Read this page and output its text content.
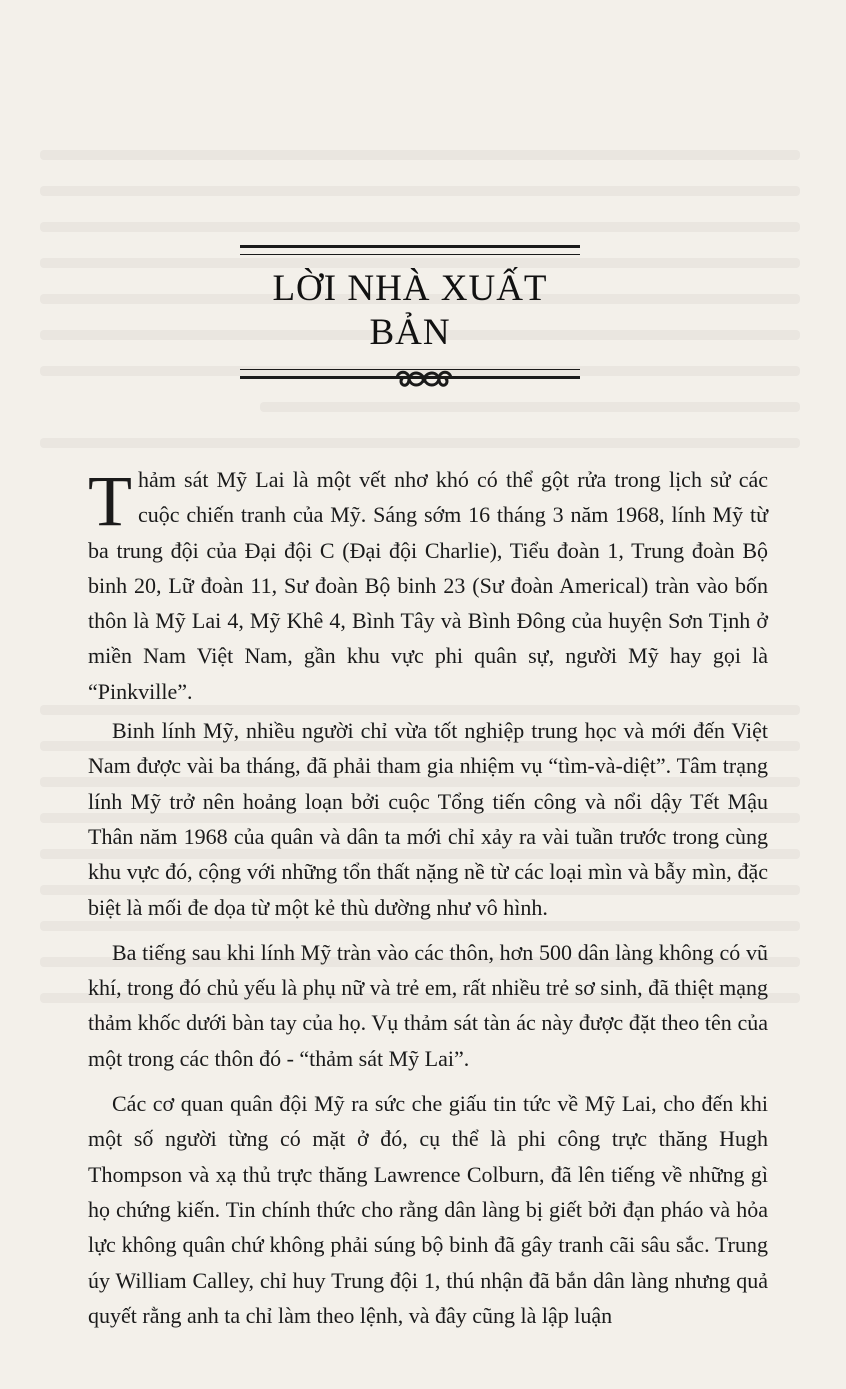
LỜI NHÀ XUẤT BẢN

Thảm sát Mỹ Lai là một vết nhơ khó có thể gột rửa trong lịch sử các cuộc chiến tranh của Mỹ. Sáng sớm 16 tháng 3 năm 1968, lính Mỹ từ ba trung đội của Đại đội C (Đại đội Charlie), Tiểu đoàn 1, Trung đoàn Bộ binh 20, Lữ đoàn 11, Sư đoàn Bộ binh 23 (Sư đoàn Americal) tràn vào bốn thôn là Mỹ Lai 4, Mỹ Khê 4, Bình Tây và Bình Đông của huyện Sơn Tịnh ở miền Nam Việt Nam, gần khu vực phi quân sự, người Mỹ hay gọi là “Pinkville”.

Binh lính Mỹ, nhiều người chỉ vừa tốt nghiệp trung học và mới đến Việt Nam được vài ba tháng, đã phải tham gia nhiệm vụ “tìm-và-diệt”. Tâm trạng lính Mỹ trở nên hoảng loạn bởi cuộc Tổng tiến công và nổi dậy Tết Mậu Thân năm 1968 của quân và dân ta mới chỉ xảy ra vài tuần trước trong cùng khu vực đó, cộng với những tổn thất nặng nề từ các loại mìn và bẫy mìn, đặc biệt là mối đe dọa từ một kẻ thù dường như vô hình.

Ba tiếng sau khi lính Mỹ tràn vào các thôn, hơn 500 dân làng không có vũ khí, trong đó chủ yếu là phụ nữ và trẻ em, rất nhiều trẻ sơ sinh, đã thiệt mạng thảm khốc dưới bàn tay của họ. Vụ thảm sát tàn ác này được đặt theo tên của một trong các thôn đó - “thảm sát Mỹ Lai”.

Các cơ quan quân đội Mỹ ra sức che giấu tin tức về Mỹ Lai, cho đến khi một số người từng có mặt ở đó, cụ thể là phi công trực thăng Hugh Thompson và xạ thủ trực thăng Lawrence Colburn, đã lên tiếng về những gì họ chứng kiến. Tin chính thức cho rằng dân làng bị giết bởi đạn pháo và hỏa lực không quân chứ không phải súng bộ binh đã gây tranh cãi sâu sắc. Trung úy William Calley, chỉ huy Trung đội 1, thú nhận đã bắn dân làng nhưng quả quyết rằng anh ta chỉ làm theo lệnh, và đây cũng là lập luận
